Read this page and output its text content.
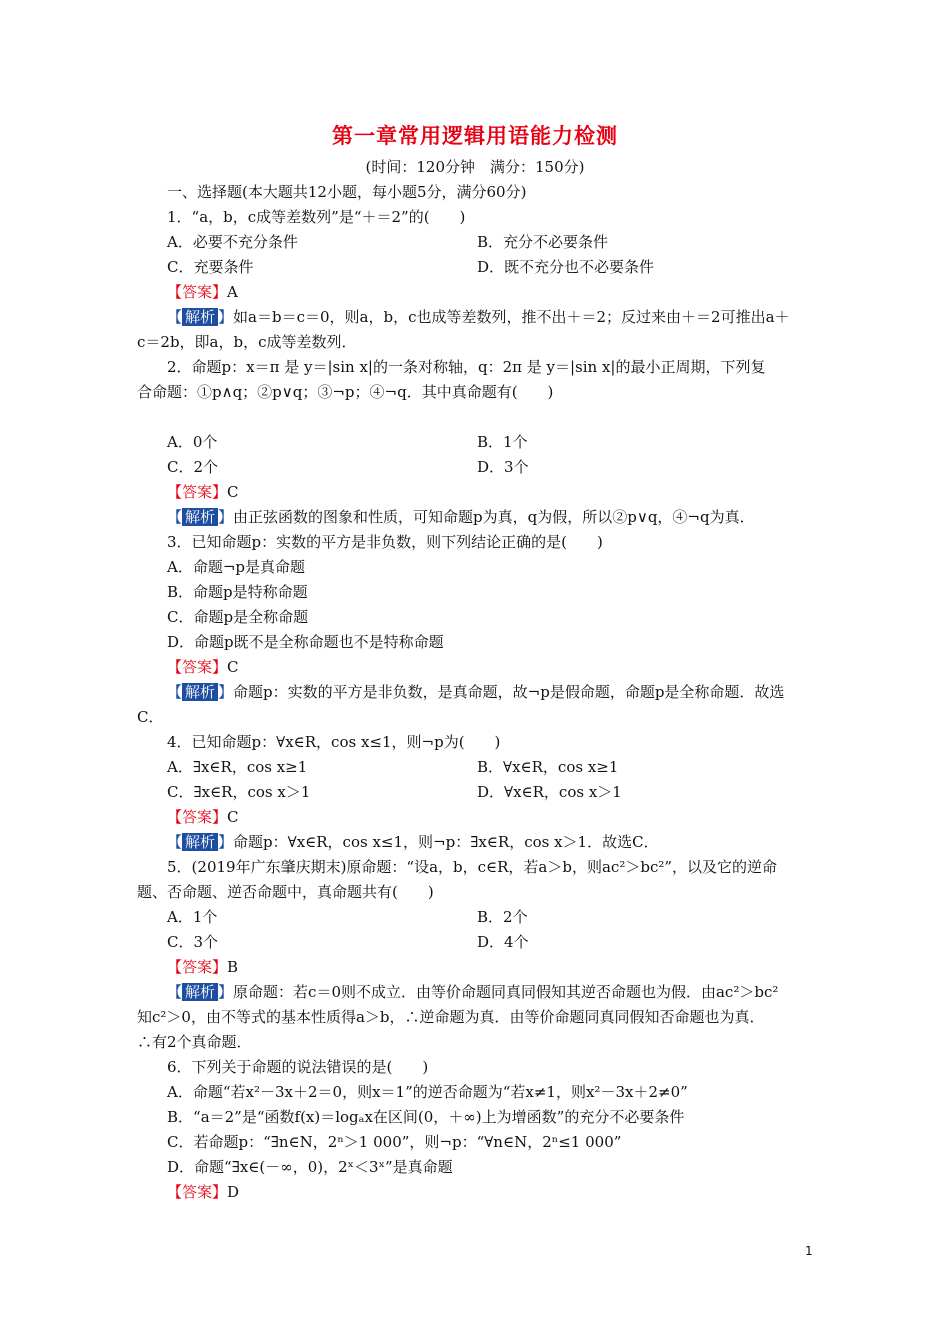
第一章常用逻辑用语能力检测
(时间：120分钟　满分：150分)
一、选择题(本大题共12小题，每小题5分，满分60分)
1．“a，b，c成等差数列”是“＋＝2”的(　　)
A．必要不充分条件	B．充分不必要条件
C．充要条件	D．既不充分也不必要条件
【答案】A
【 解析 】如a＝b＝c＝0，则a，b，c也成等差数列，推不出＋＝2；反过来由＋＝2可推出a＋
c＝2b，即a，b，c成等差数列．
2．命题p：x＝π 是 y＝|sin x|的一条对称轴，q：2π 是 y＝|sin x|的最小正周期，下列复
合命题：①p∧q；②p∨q；③¬p；④¬q．其中真命题有(　　)
A．0个	B．1个
C．2个	D．3个
【答案】C
【 解析 】由正弦函数的图象和性质，可知命题p为真，q为假，所以②p∨q，④¬q为真．
3．已知命题p：实数的平方是非负数，则下列结论正确的是(　　)
A．命题¬p是真命题
B．命题p是特称命题
C．命题p是全称命题
D．命题p既不是全称命题也不是特称命题
【答案】C
【 解析 】命题p：实数的平方是非负数，是真命题，故¬p是假命题，命题p是全称命题．故选
C．
4．已知命题p：∀x∈R，cos x≤1，则¬p为(　　)
A．∃x∈R，cos x≥1	B．∀x∈R，cos x≥1
C．∃x∈R，cos x＞1	D．∀x∈R，cos x＞1
【答案】C
【 解析 】命题p：∀x∈R，cos x≤1，则¬p：∃x∈R，cos x＞1．故选C．
5．(2019年广东肇庆期末)原命题：“设a，b，c∈R，若a＞b，则ac²＞bc²”，以及它的逆命
题、否命题、逆否命题中，真命题共有(　　)
A．1个	B．2个
C．3个	D．4个
【答案】B
【 解析 】原命题：若c＝0则不成立．由等价命题同真同假知其逆否命题也为假．由ac²＞bc²
知c²＞0，由不等式的基本性质得a＞b，∴逆命题为真．由等价命题同真同假知否命题也为真．
∴有2个真命题．
6．下列关于命题的说法错误的是(　　)
A．命题“若x²－3x＋2＝0，则x＝1”的逆否命题为“若x≠1，则x²－3x＋2≠0”
B．“a＝2”是“函数f(x)＝logₐx在区间(0，＋∞)上为增函数”的充分不必要条件
C．若命题p：“∃n∈N，2ⁿ＞1 000”，则¬p：“∀n∈N，2ⁿ≤1 000”
D．命题“∃x∈(－∞，0)，2ˣ＜3ˣ”是真命题
【答案】D
1
